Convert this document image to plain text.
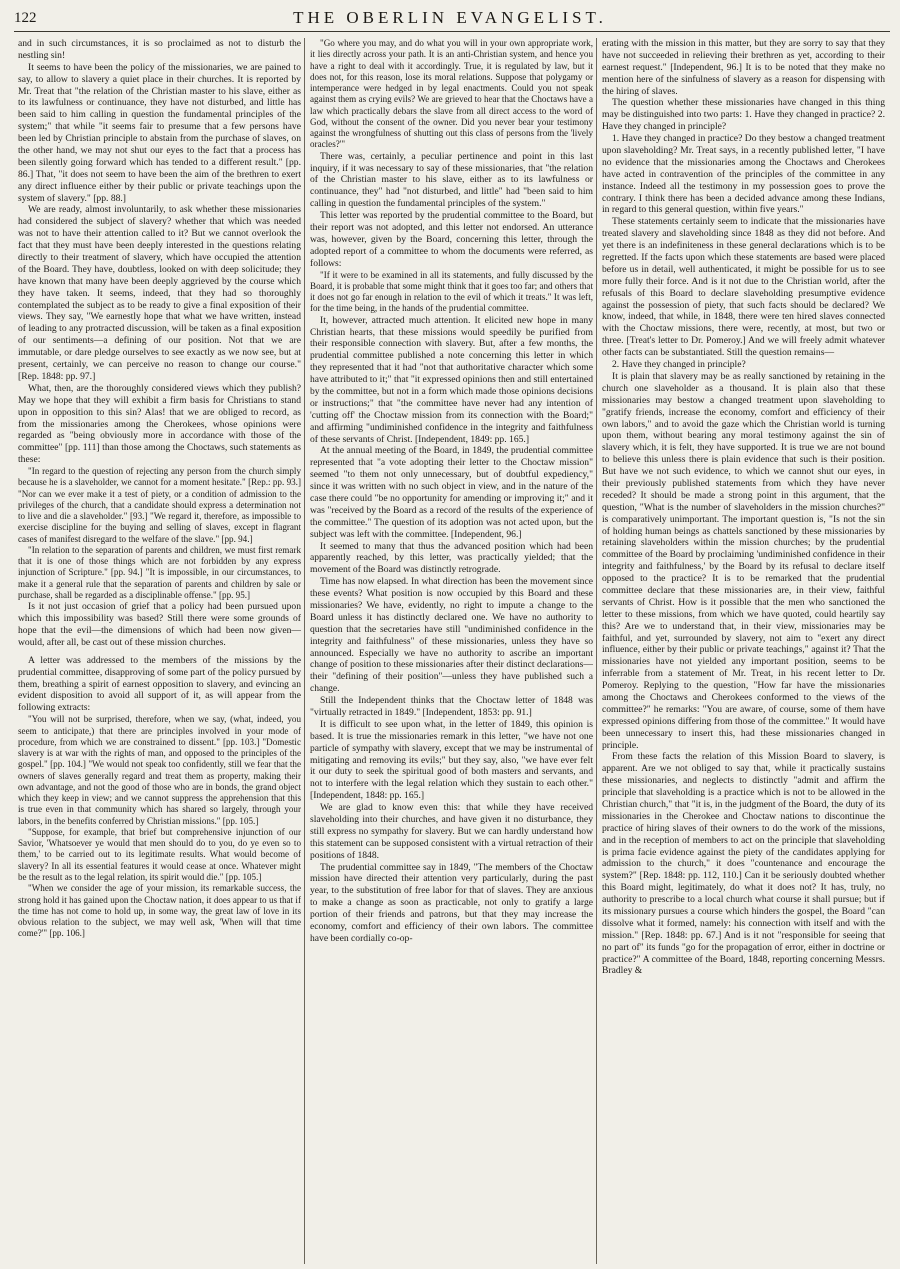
122	THE OBERLIN EVANGELIST.

and in such circumstances, it is so proclaimed as not to disturb the nestling sin!

It seems to have been the policy of the missionaries, we are pained to say, to allow to slavery a quiet place in their churches. It is reported by Mr. Treat that "the relation of the Christian master to his slave, either as to its lawfulness or continuance, they have not disturbed, and little has been said to him calling in question the fundamental principles of the system;" that while "it seems fair to presume that a few persons have been led by Christian principle to abstain from the purchase of slaves, on the other hand, we may not shut our eyes to the fact that a process has been silently going forward which has tended to a different result." [pp. 86.] That, "it does not seem to have been the aim of the brethren to exert any direct influence either by their public or private teachings upon the system of slavery." [pp. 88.]

We are ready, almost involuntarily, to ask whether these missionaries had considered the subject of slavery? whether that which was needed was not to have their attention called to it? But we cannot overlook the fact that they must have been deeply interested in the questions relating directly to their treatment of slavery, which have occupied the attention of the Board. They have, doubtless, looked on with deep solicitude; they have known that many have been deeply aggrieved by the course which they have taken. It seems, indeed, that they had so thoroughly contemplated the subject as to be ready to give a final exposition of their views. They say, "We earnestly hope that what we have written, instead of leading to any protracted discussion, will be taken as a final exposition of our sentiments—a defining of our position. Not that we are immutable, or dare pledge ourselves to see exactly as we now see, but at present, certainly, we can perceive no reason to change our course." [Rep. 1848: pp. 97.]

What, then, are the thoroughly considered views which they publish? May we hope that they will exhibit a firm basis for Christians to stand upon in opposition to this sin? Alas! that we are obliged to record, as from the missionaries among the Cherokees, whose opinions were regarded as "being obviously more in accordance with those of the committee" [pp. 111] than those among the Choctaws, such statements as these:

"In regard to the question of rejecting any person from the church simply because he is a slaveholder, we cannot for a moment hesitate." [Rep.: pp. 93.] "Nor can we ever make it a test of piety, or a condition of admission to the privileges of the church, that a candidate should express a determination not to live and die a slaveholder." [93.] "We regard it, therefore, as impossible to exercise discipline for the buying and selling of slaves, except in flagrant cases of manifest disregard to the welfare of the slave." [pp. 94.]

"In relation to the separation of parents and children, we must first remark that it is one of those things which are not forbidden by any express injunction of Scripture." [pp. 94.] "It is impossible, in our circumstances, to make it a general rule that the separation of parents and children by sale or purchase, shall be regarded as a disciplinable offense." [pp. 95.]

Is it not just occasion of grief that a policy had been pursued upon which this impossibility was based? Still there were some grounds of hope that the evil—the dimensions of which had been now given—would, after all, be cast out of these mission churches.

A letter was addressed to the members of the missions by the prudential committee, disapproving of some part of the policy pursued by them, breathing a spirit of earnest opposition to slavery, and evincing an evident disposition to avoid all support of it, as will appear from the following extracts:

"You will not be surprised, therefore, when we say, (what, indeed, you seem to anticipate,) that there are principles involved in your mode of procedure, from which we are constrained to dissent." [pp. 103.] "Domestic slavery is at war with the rights of man, and opposed to the principles of the gospel." [pp. 104.] "We would not speak too confidently, still we fear that the owners of slaves generally regard and treat them as property, making their own advantage, and not the good of those who are in bonds, the grand object which they keep in view; and we cannot suppress the apprehension that this is true even in that community which has shared so largely, through your labors, in the benefits conferred by Christian missions." [pp. 105.]

"Suppose, for example, that brief but comprehensive injunction of our Savior, 'Whatsoever ye would that men should do to you, do ye even so to them,' to be carried out to its legitimate results. What would become of slavery? In all its essential features it would cease at once. Whatever might be the result as to the legal relation, its spirit would die." [pp. 105.]

"When we consider the age of your mission, its remarkable success, the strong hold it has gained upon the Choctaw nation, it does appear to us that if the time has not come to hold up, in some way, the great law of love in its obvious relation to the subject, we may well ask, 'When will that time come?'" [pp. 106.]

"Go where you may, and do what you will in your own appropriate work, it lies directly across your path. It is an anti-Christian system, and hence you have a right to deal with it accordingly. True, it is regulated by law, but it does not, for this reason, lose its moral relations. Suppose that polygamy or intemperance were hedged in by legal enactments. Could you not speak against them as crying evils? We are grieved to hear that the Choctaws have a law which practically debars the slave from all direct access to the word of God, without the consent of the owner. Did you never bear your testimony against the wrongfulness of shutting out this class of persons from the 'lively oracles?'"

There was, certainly, a peculiar pertinence and point in this last inquiry, if it was necessary to say of these missionaries, that "the relation of the Christian master to his slave, either as to its lawfulness or continuance, they" had "not disturbed, and little" had "been said to him calling in question the fundamental principles of the system."

This letter was reported by the prudential committee to the Board, but their report was not adopted, and this letter not endorsed. An utterance was, however, given by the Board, concerning this letter, through the adopted report of a committee to whom the documents were referred, as follows:

"If it were to be examined in all its statements, and fully discussed by the Board, it is probable that some might think that it goes too far; and others that it does not go far enough in relation to the evil of which it treats." It was left, for the time being, in the hands of the prudential committee.

It, however, attracted much attention. It elicited new hope in many Christian hearts, that these missions would speedily be purified from their responsible connection with slavery. But, after a few months, the prudential committee published a note concerning this letter in which they represented that it had "not that authoritative character which some have attributed to it;" that "it expressed opinions then and still entertained by the committee, but not in a form which made those opinions decisions or instructions;" that "the committee have never had any intention of 'cutting off' the Choctaw mission from its connection with the Board;" and affirming "undiminished confidence in the integrity and faithfulness of these servants of Christ. [Independent, 1849: pp. 165.]

At the annual meeting of the Board, in 1849, the prudential committee represented that "a vote adopting their letter to the Choctaw mission" seemed "to them not only unnecessary, but of doubtful expediency," since it was written with no such object in view, and in the nature of the case there could "be no opportunity for amending or improving it;" and it was "received by the Board as a record of the results of the experience of the committee." The question of its adoption was not acted upon, but the subject was left with the committee. [Independent, 96.]

It seemed to many that thus the advanced position which had been apparently reached, by this letter, was practically yielded; that the movement of the Board was distinctly retrograde.

Time has now elapsed. In what direction has been the movement since these events? What position is now occupied by this Board and these missionaries? We have, evidently, no right to impute a change to the Board unless it has distinctly declared one. We have no authority to question that the secretaries have still "undiminished confidence in the integrity and faithfulness" of these missionaries, unless they have so announced. Especially we have no authority to ascribe an important change of position to these missionaries after their distinct declarations—their "defining of their position"—unless they have published such a change.

Still the Independent thinks that the Choctaw letter of 1848 was "virtually retracted in 1849." [Independent, 1853: pp. 91.]

It is difficult to see upon what, in the letter of 1849, this opinion is based. It is true the missionaries remark in this letter, "we have not one particle of sympathy with slavery, except that we may be instrumental of mitigating and removing its evils;" but they say, also, "we have ever felt it our duty to seek the spiritual good of both masters and servants, and not to interfere with the legal relation which they sustain to each other." [Independent, 1848: pp. 165.]

We are glad to know even this: that while they have received slaveholding into their churches, and have given it no disturbance, they still express no sympathy for slavery. But we can hardly understand how this statement can be supposed consistent with a virtual retraction of their positions of 1848.

The prudential committee say in 1849, "The members of the Choctaw mission have directed their attention very particularly, during the past year, to the substitution of free labor for that of slaves. They are anxious to make a change as soon as practicable, not only to gratify a large portion of their friends and patrons, but that they may increase the economy, comfort and efficiency of their own labors. The committee have been cordially co-op-

erating with the mission in this matter, but they are sorry to say that they have not succeeded in relieving their brethren as yet, according to their earnest request." [Independent, 96.] It is to be noted that they make no mention here of the sinfulness of slavery as a reason for dispensing with the hiring of slaves.

The question whether these missionaries have changed in this thing may be distinguished into two parts: 1. Have they changed in practice? 2. Have they changed in principle?

1. Have they changed in practice? Do they bestow a changed treatment upon slaveholding? Mr. Treat says, in a recently published letter, "I have no evidence that the missionaries among the Choctaws and Cherokees have acted in contravention of the principles of the committee in any instance. Indeed all the testimony in my possession goes to prove the contrary. I think there has been a decided advance among these Indians, in regard to this general question, within five years."

These statements certainly seem to indicate that the missionaries have treated slavery and slaveholding since 1848 as they did not before. And yet there is an indefiniteness in these general declarations which is to be regretted. If the facts upon which these statements are based were placed before us in detail, well authenticated, it might be possible for us to see more fully their force. And is it not due to the Christian world, after the refusals of this Board to declare slaveholding presumptive evidence against the possession of piety, that such facts should be declared? We know, indeed, that while, in 1848, there were ten hired slaves connected with the Choctaw missions, there were, recently, at most, but two or three. [Treat's letter to Dr. Pomeroy.] And we will freely admit whatever other facts can be substantiated. Still the question remains—

2. Have they changed in principle?

It is plain that slavery may be as really sanctioned by retaining in the church one slaveholder as a thousand. It is plain also that these missionaries may bestow a changed treatment upon slaveholding to "gratify friends, increase the economy, comfort and efficiency of their own labors," and to avoid the gaze which the Christian world is turning upon them, without bearing any moral testimony against the sin of slavery which, it is felt, they have supported. It is true we are not bound to believe this unless there is plain evidence that such is their position. But have we not such evidence, to which we cannot shut our eyes, in their previously published statements from which they have never receded? It should be made a strong point in this argument, that the question, "What is the number of slaveholders in the mission churches?" is comparatively unimportant. The important question is, "Is not the sin of holding human beings as chattels sanctioned by these missionaries by retaining slaveholders within the mission churches; by the prudential committee of the Board by proclaiming 'undiminished confidence in their integrity and faithfulness,' by the Board by its refusal to declare itself opposed to the practice? It is to be remarked that the prudential committee declare that these missionaries are, in their view, faithful servants of Christ. How is it possible that the men who sanctioned the letter to these missions, from which we have quoted, could heartily say this? Are we to understand that, in their view, missionaries may be faithful, and yet, surrounded by slavery, not aim to "exert any direct influence, either by their public or private teachings," against it? That the missionaries have not yielded any important position, seems to be inferrable from a statement of Mr. Treat, in his recent letter to Dr. Pomeroy. Replying to the question, "How far have the missionaries among the Choctaws and Cherokees conformed to the views of the committee?" he remarks: "You are aware, of course, some of them have expressed opinions differing from those of the committee." It would have been unnecessary to insert this, had these missionaries changed in principle.

From these facts the relation of this Mission Board to slavery, is apparent. Are we not obliged to say that, while it practically sustains these missionaries, and neglects to distinctly "admit and affirm the principle that slaveholding is a practice which is not to be allowed in the Christian church," that "it is, in the judgment of the Board, the duty of its missionaries in the Cherokee and Choctaw nations to discontinue the practice of hiring slaves of their owners to do the work of the missions, and in the reception of members to act on the principle that slaveholding is prima facie evidence against the piety of the candidates applying for admission to the church," it does "countenance and encourage the system?" [Rep. 1848: pp. 112, 110.] Can it be seriously doubted whether this Board might, legitimately, do what it does not? It has, truly, no authority to prescribe to a local church what course it shall pursue; but if its missionary pursues a course which hinders the gospel, the Board "can dissolve what it formed, namely: his connection with itself and with the mission." [Rep. 1848: pp. 67.] And is it not "responsible for seeing that no part of" its funds "go for the propagation of error, either in doctrine or practice?" A committee of the Board, 1848, reporting concerning Messrs. Bradley &
